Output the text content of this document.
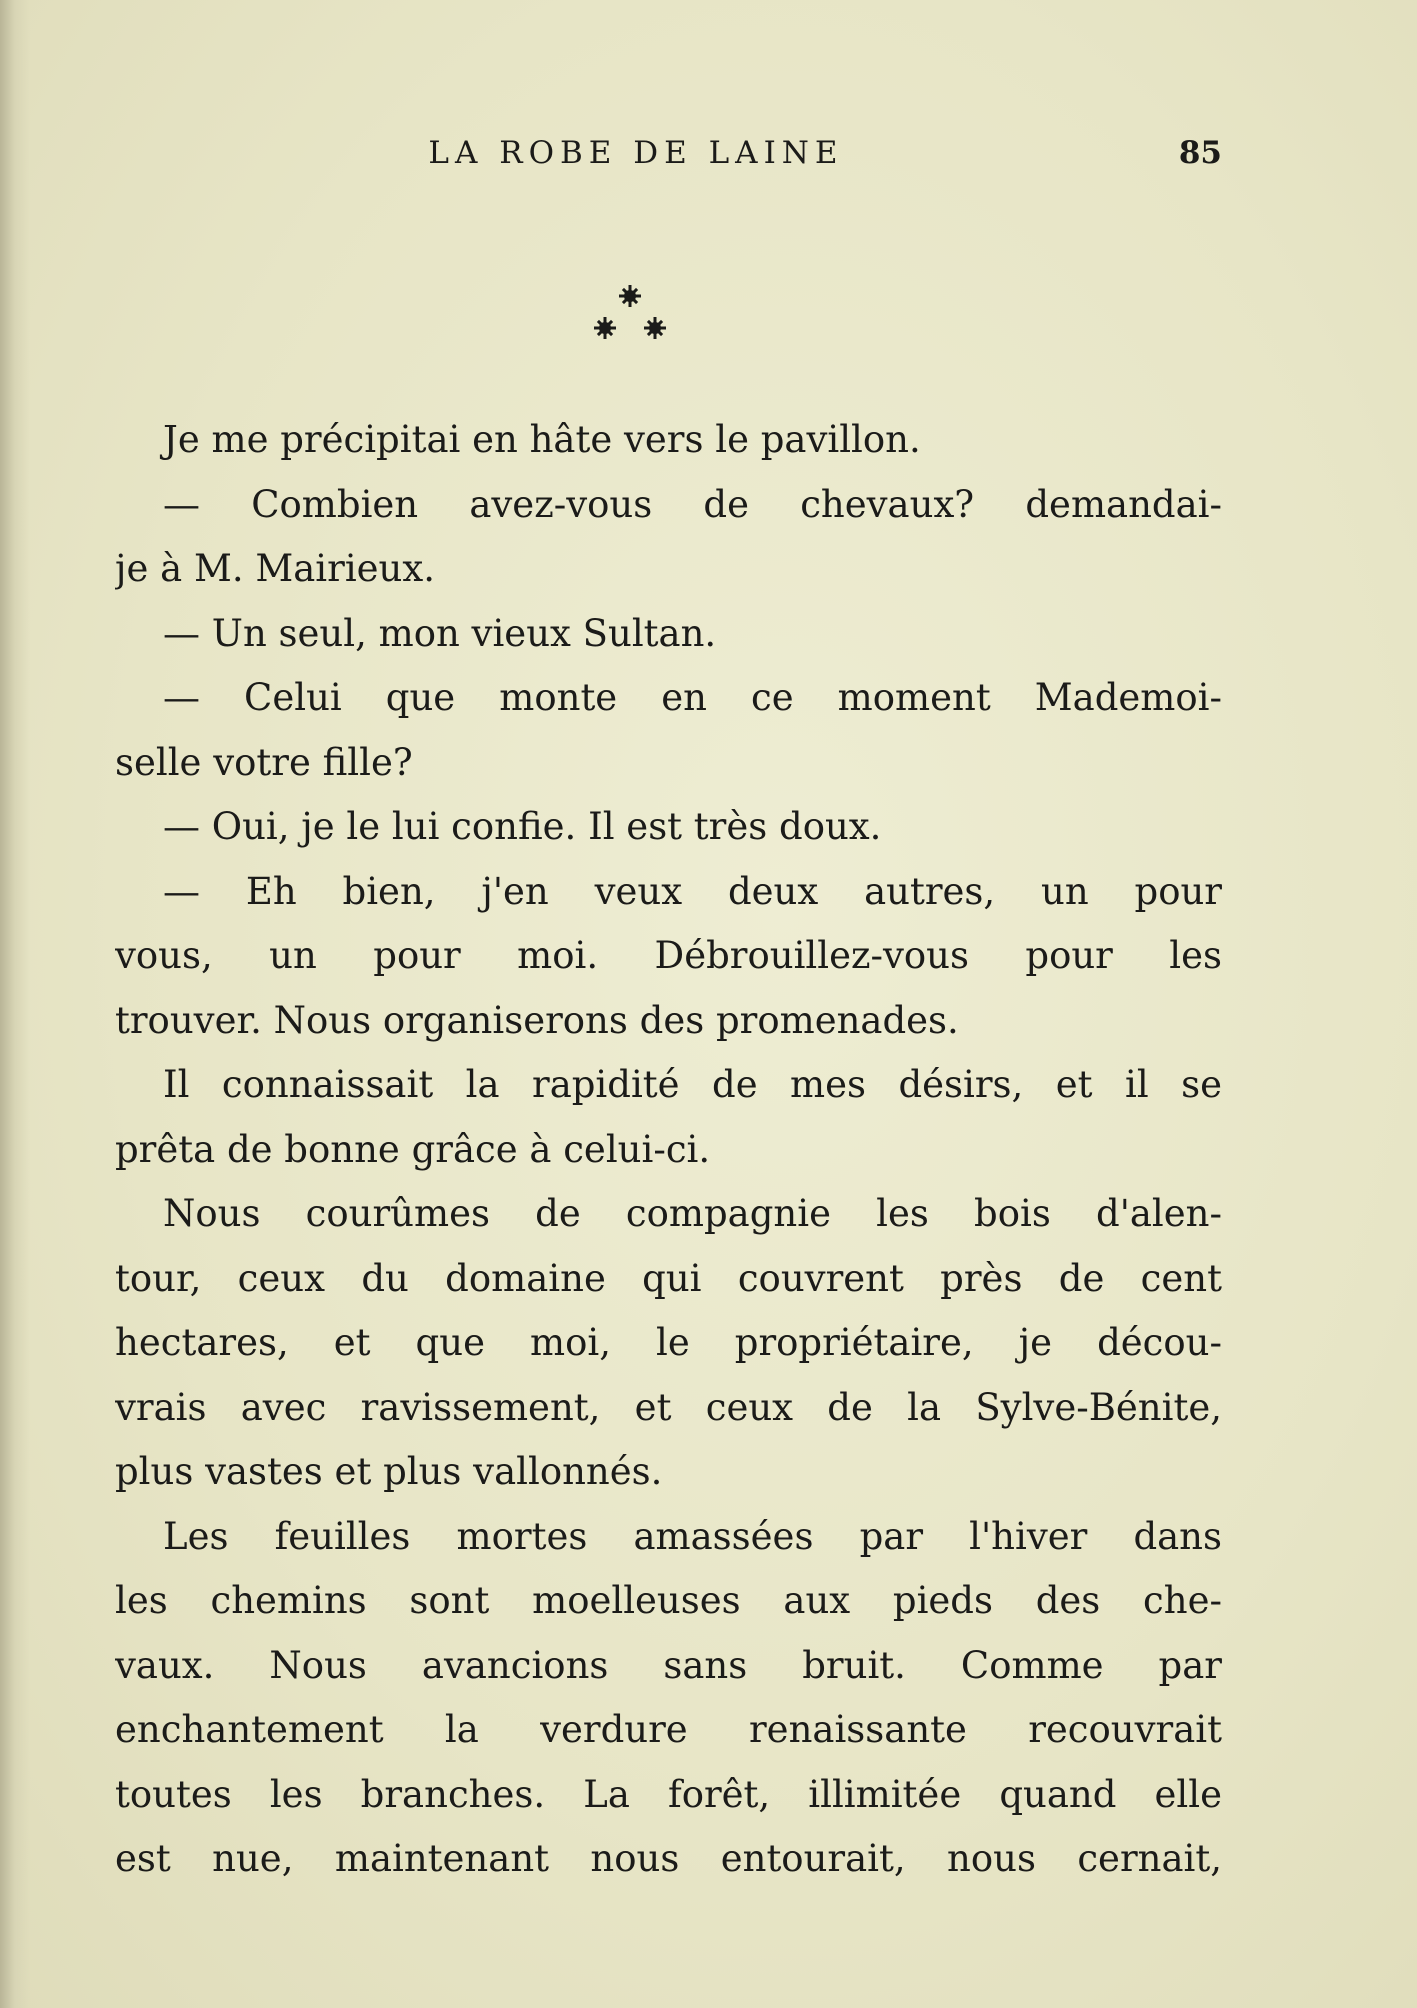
LA ROBE DE LAINE	85
Je me précipitai en hâte vers le pavillon.
— Combien avez-vous de chevaux? demandai-
je à M. Mairieux.
— Un seul, mon vieux Sultan.
— Celui que monte en ce moment Mademoi-
selle votre fille?
— Oui, je le lui confie. Il est très doux.
— Eh bien, j'en veux deux autres, un pour
vous, un pour moi. Débrouillez-vous pour les
trouver. Nous organiserons des promenades.
Il connaissait la rapidité de mes désirs, et il se
prêta de bonne grâce à celui-ci.
Nous courûmes de compagnie les bois d'alen-
tour, ceux du domaine qui couvrent près de cent
hectares, et que moi, le propriétaire, je décou-
vrais avec ravissement, et ceux de la Sylve-Bénite,
plus vastes et plus vallonnés.
Les feuilles mortes amassées par l'hiver dans
les chemins sont moelleuses aux pieds des che-
vaux. Nous avancions sans bruit. Comme par
enchantement la verdure renaissante recouvrait
toutes les branches. La forêt, illimitée quand elle
est nue, maintenant nous entourait, nous cernait,
